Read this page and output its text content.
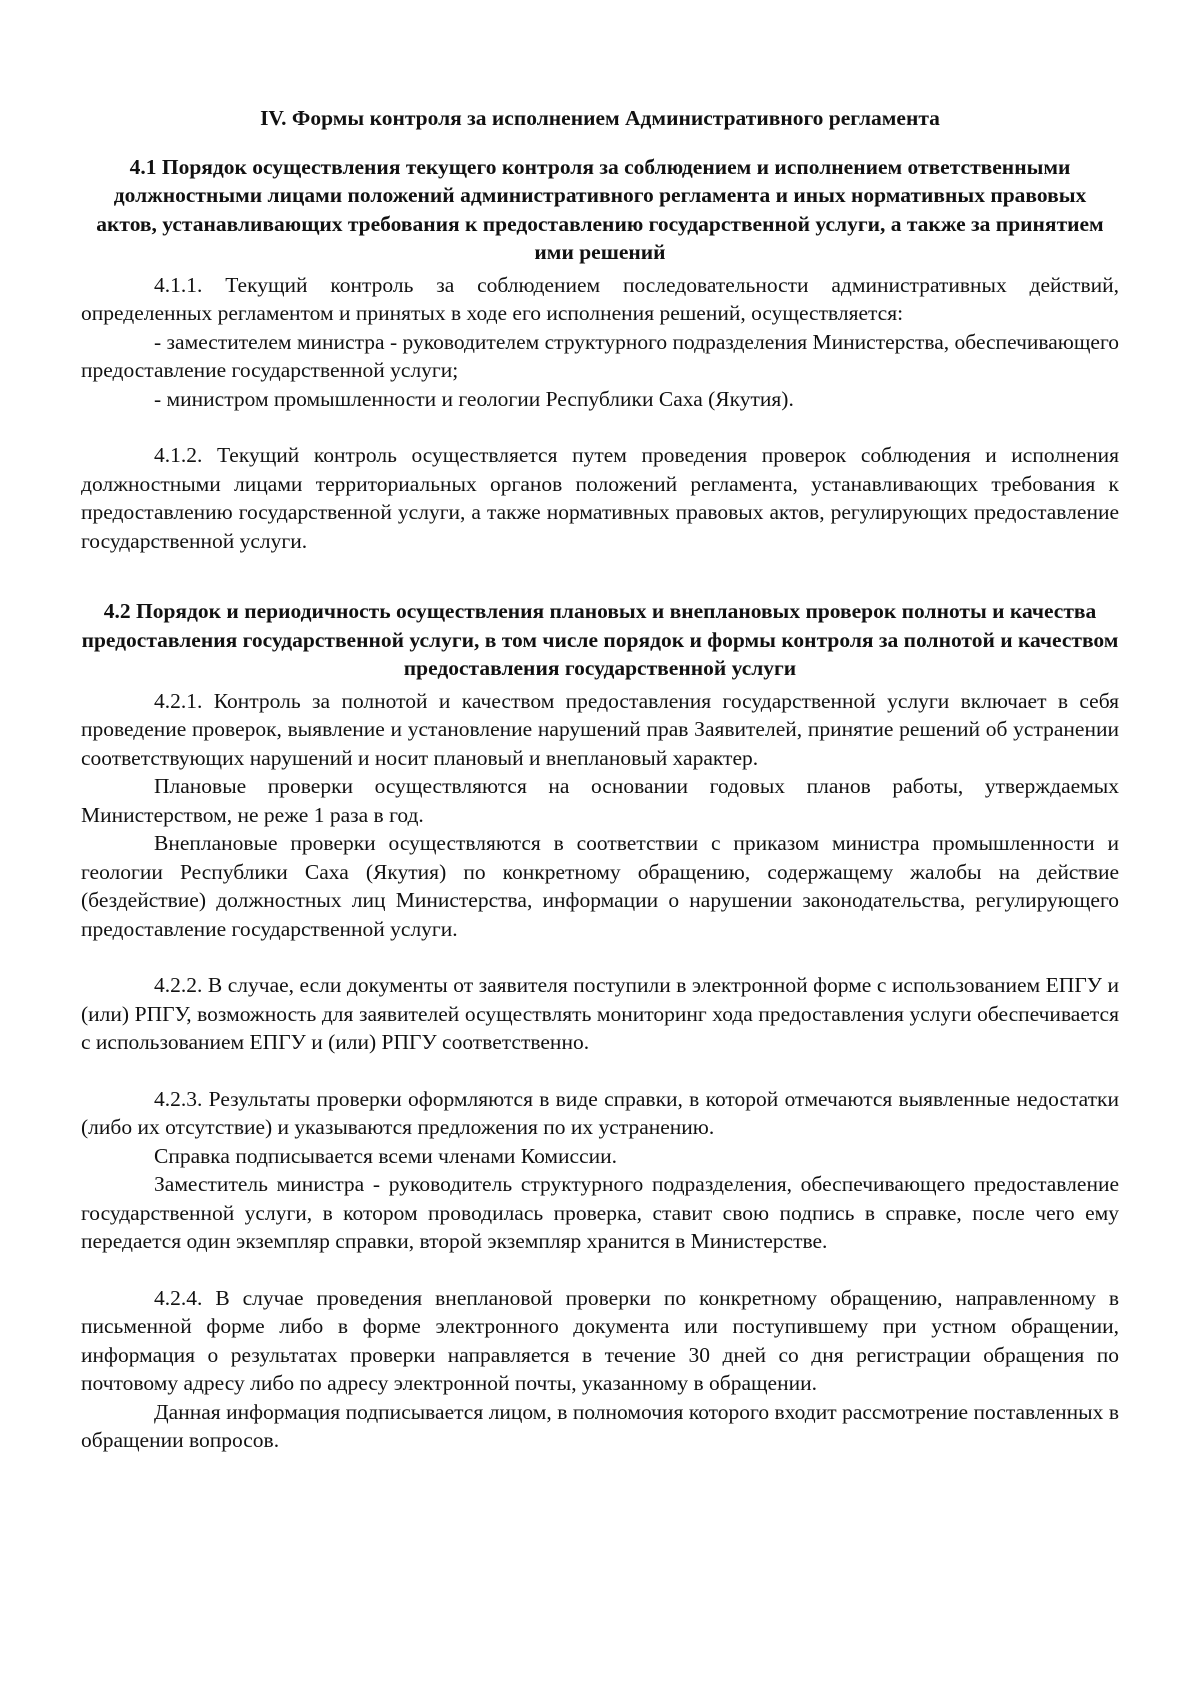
IV. Формы контроля за исполнением Административного регламента

4.1 Порядок осуществления текущего контроля за соблюдением и исполнением ответственными должностными лицами положений административного регламента и иных нормативных правовых актов, устанавливающих требования к предоставлению государственной услуги, а также за принятием ими решений

4.1.1. Текущий контроль за соблюдением последовательности административных действий, определенных регламентом и принятых в ходе его исполнения решений, осуществляется:

- заместителем министра - руководителем структурного подразделения Министерства, обеспечивающего предоставление государственной услуги;

- министром промышленности и геологии Республики Саха (Якутия).

4.1.2. Текущий контроль осуществляется путем проведения проверок соблюдения и исполнения должностными лицами территориальных органов положений регламента, устанавливающих требования к предоставлению государственной услуги, а также нормативных правовых актов, регулирующих предоставление государственной услуги.

4.2 Порядок и периодичность осуществления плановых и внеплановых проверок полноты и качества предоставления государственной услуги, в том числе порядок и формы контроля за полнотой и качеством предоставления государственной услуги

4.2.1. Контроль за полнотой и качеством предоставления государственной услуги включает в себя проведение проверок, выявление и установление нарушений прав Заявителей, принятие решений об устранении соответствующих нарушений и носит плановый и внеплановый характер.

Плановые проверки осуществляются на основании годовых планов работы, утверждаемых Министерством, не реже 1 раза в год.

Внеплановые проверки осуществляются в соответствии с приказом министра промышленности и геологии Республики Саха (Якутия) по конкретному обращению, содержащему жалобы на действие (бездействие) должностных лиц Министерства, информации о нарушении законодательства, регулирующего предоставление государственной услуги.

4.2.2. В случае, если документы от заявителя поступили в электронной форме с использованием ЕПГУ и (или) РПГУ, возможность для заявителей осуществлять мониторинг хода предоставления услуги обеспечивается с использованием ЕПГУ и (или) РПГУ соответственно.

4.2.3. Результаты проверки оформляются в виде справки, в которой отмечаются выявленные недостатки (либо их отсутствие) и указываются предложения по их устранению.

Справка подписывается всеми членами Комиссии.

Заместитель министра - руководитель структурного подразделения, обеспечивающего предоставление государственной услуги, в котором проводилась проверка, ставит свою подпись в справке, после чего ему передается один экземпляр справки, второй экземпляр хранится в Министерстве.

4.2.4. В случае проведения внеплановой проверки по конкретному обращению, направленному в письменной форме либо в форме электронного документа или поступившему при устном обращении, информация о результатах проверки направляется в течение 30 дней со дня регистрации обращения по почтовому адресу либо по адресу электронной почты, указанному в обращении.

Данная информация подписывается лицом, в полномочия которого входит рассмотрение поставленных в обращении вопросов.
